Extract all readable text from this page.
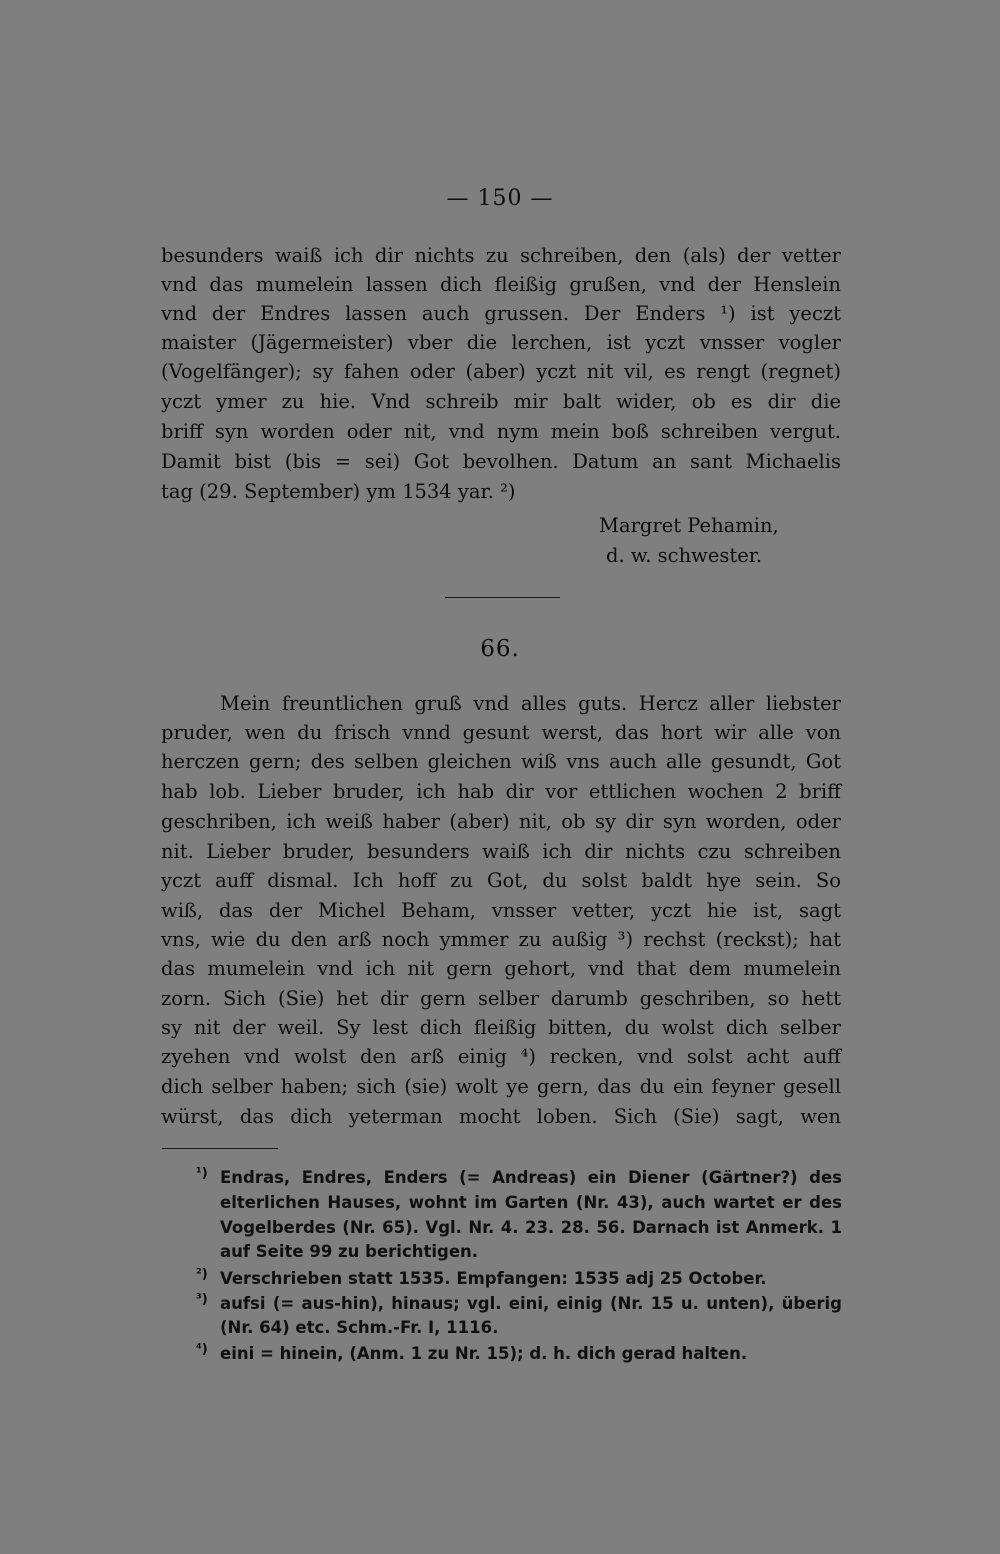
— 150 —
besunders waiß ich dir nichts zu schreiben, den (als) der vetter
vnd das mumelein lassen dich fleißig grußen, vnd der Henslein
vnd der Endres lassen auch grussen. Der Enders ¹) ist yeczt
maister (Jägermeister) vber die lerchen, ist yczt vnsser vogler
(Vogelfänger); sy fahen oder (aber) yczt nit vil, es rengt (regnet)
yczt ymer zu hie. Vnd schreib mir balt wider, ob es dir die
briff syn worden oder nit, vnd nym mein boß schreiben vergut.
Damit bist (bis = sei) Got bevolhen. Datum an sant Michaelis
tag (29. September) ym 1534 yar. ²)
Margret Pehamin,
d. w. schwester.
66.
Mein freuntlichen gruß vnd alles guts. Hercz aller liebster
pruder, wen du frisch vnnd gesunt werst, das hort wir alle von
herczen gern; des selben gleichen wiß vns auch alle gesundt, Got
hab lob. Lieber bruder, ich hab dir vor ettlichen wochen 2 briff
geschriben, ich weiß haber (aber) nit, ob sy dir syn worden, oder
nit. Lieber bruder, besunders waiß ich dir nichts czu schreiben
yczt auff dismal. Ich hoff zu Got, du solst baldt hye sein. So
wiß, das der Michel Beham, vnsser vetter, yczt hie ist, sagt
vns, wie du den arß noch ymmer zu außig ³) rechst (reckst); hat
das mumelein vnd ich nit gern gehort, vnd that dem mumelein
zorn. Sich (Sie) het dir gern selber darumb geschriben, so hett
sy nit der weil. Sy lest dich fleißig bitten, du wolst dich selber
zyehen vnd wolst den arß einig ⁴) recken, vnd solst acht auff
dich selber haben; sich (sie) wolt ye gern, das du ein feyner gesell
würst, das dich yeterman mocht loben. Sich (Sie) sagt, wen
¹) Endras, Endres, Enders (= Andreas) ein Diener (Gärtner?) des
elterlichen Hauses, wohnt im Garten (Nr. 43), auch wartet er des
Vogelberdes (Nr. 65). Vgl. Nr. 4. 23. 28. 56. Darnach ist Anmerk. 1
auf Seite 99 zu berichtigen.
²) Verschrieben statt 1535. Empfangen: 1535 adj 25 October.
³) aufsi (= aus-hin), hinaus; vgl. eini, einig (Nr. 15 u. unten), überig
(Nr. 64) etc. Schm.-Fr. I, 1116.
⁴) eini = hinein, (Anm. 1 zu Nr. 15); d. h. dich gerad halten.
